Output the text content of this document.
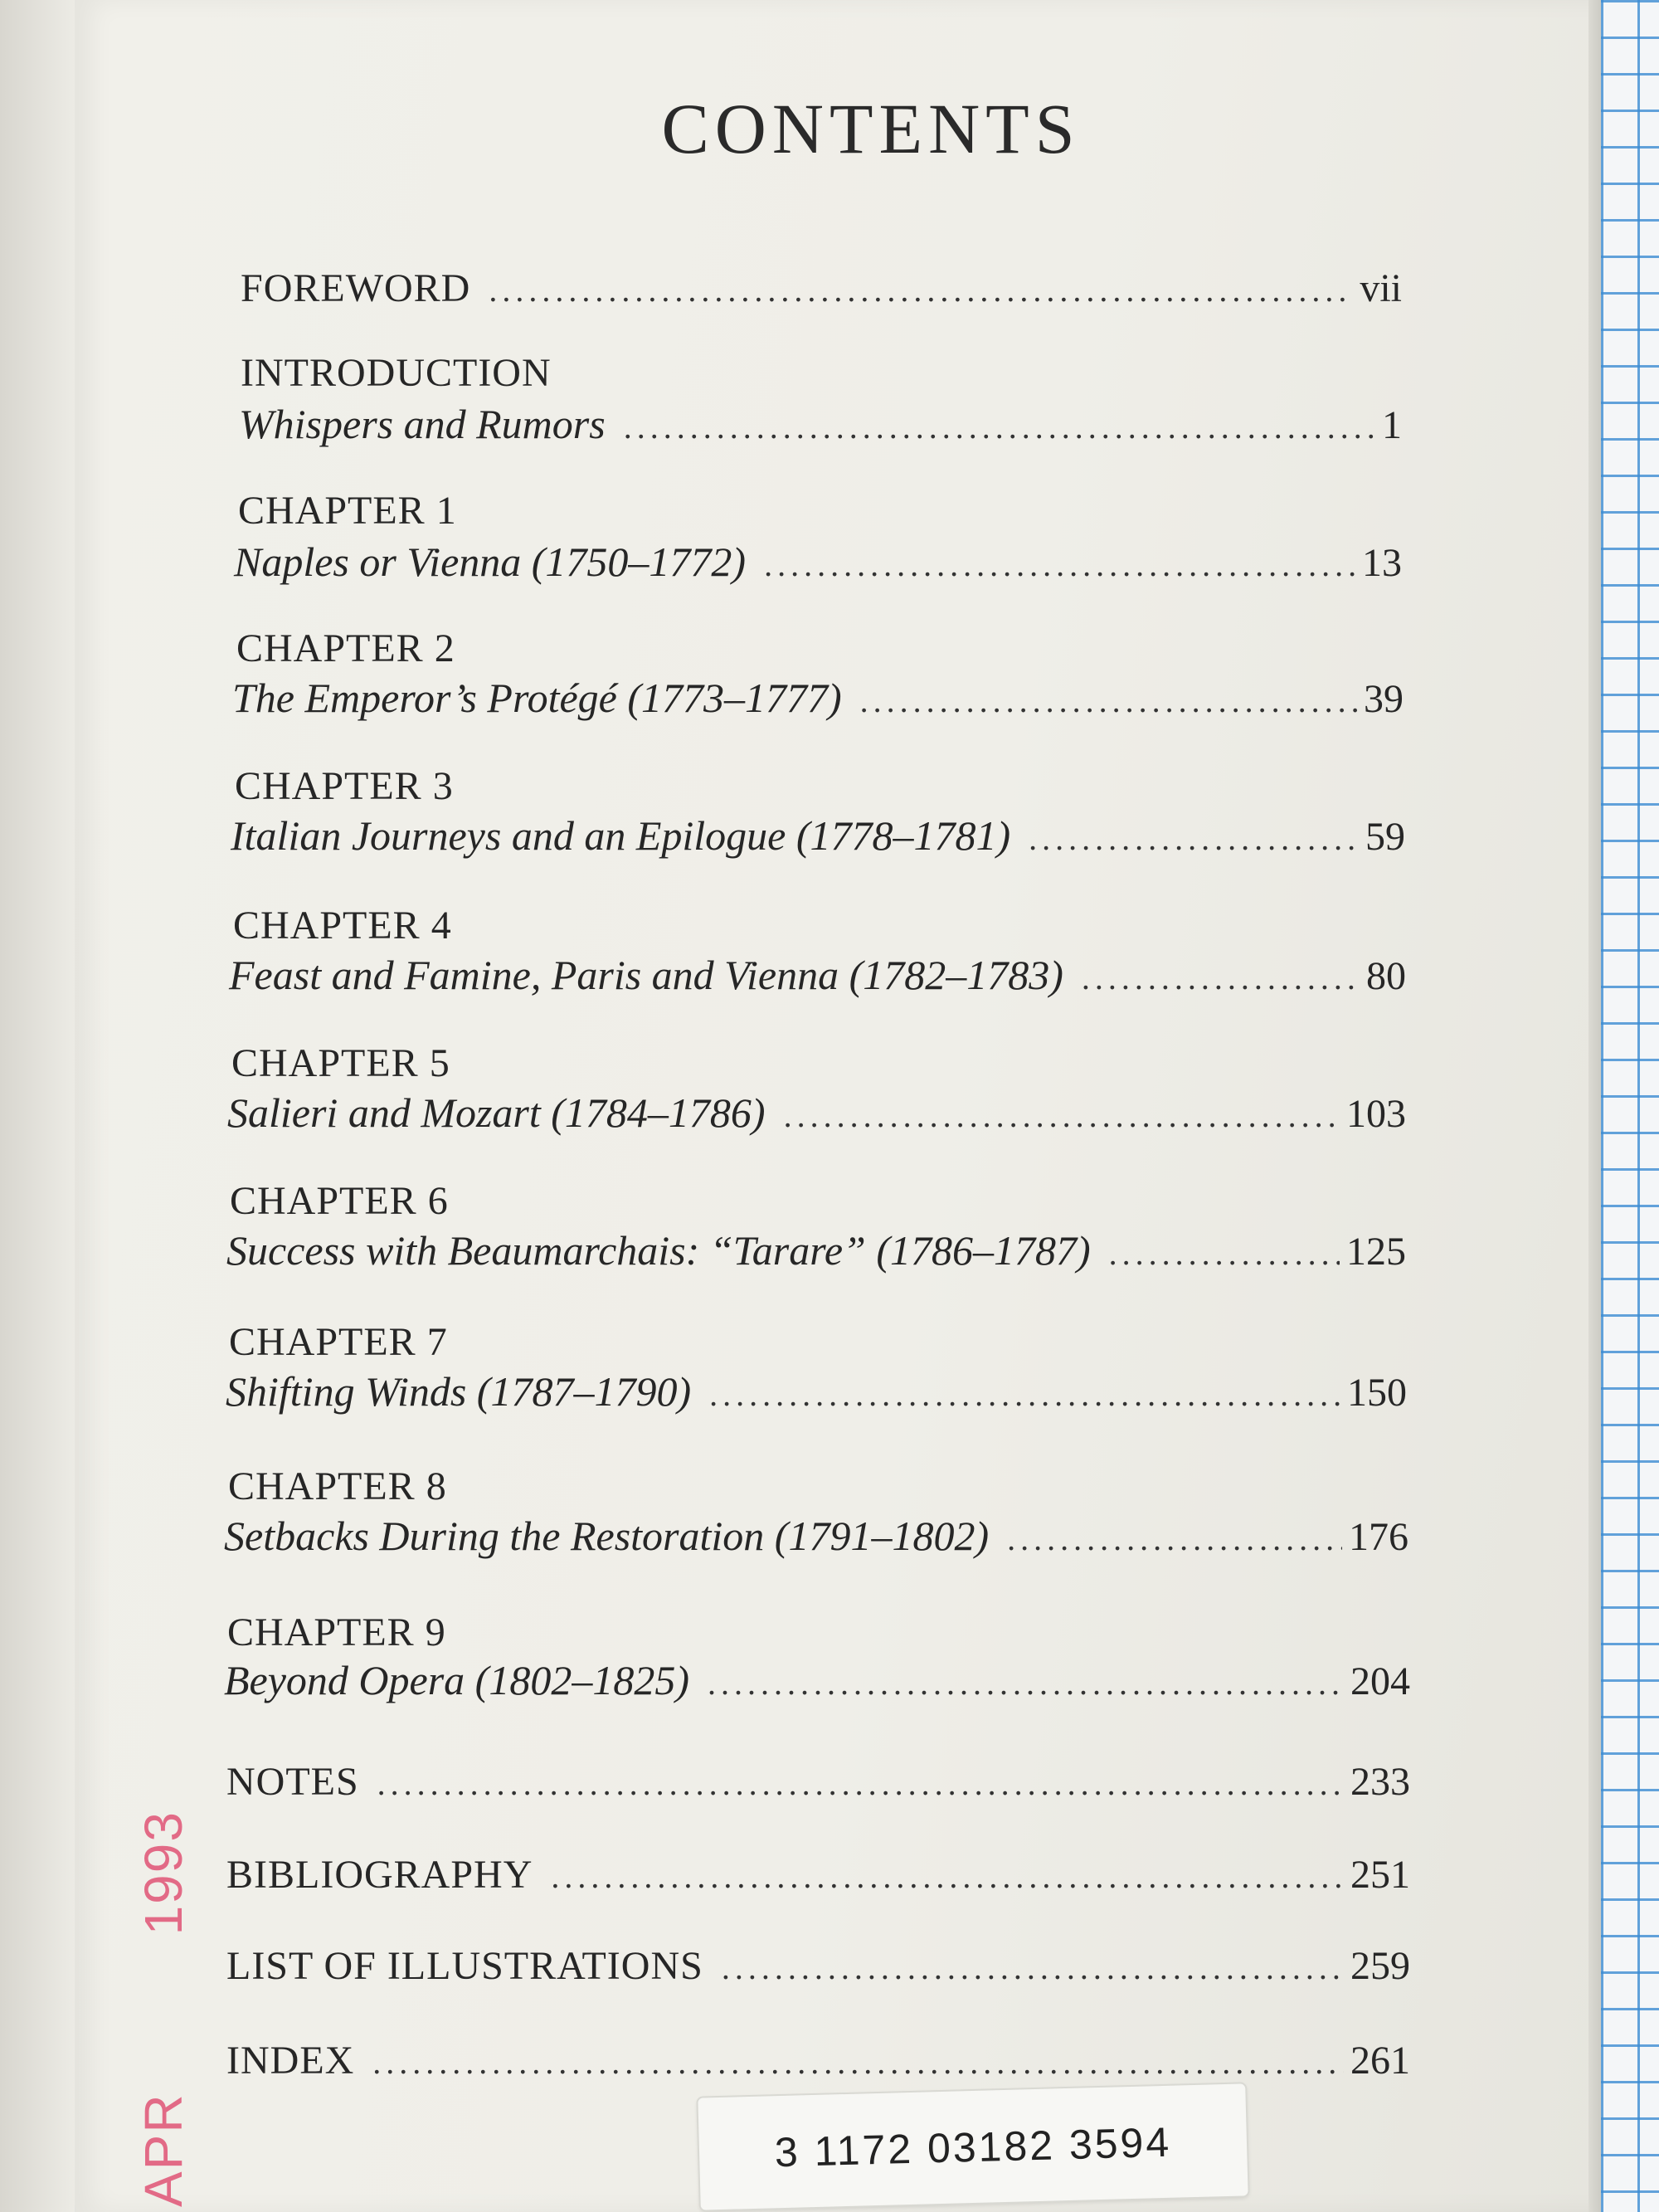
CONTENTS
FOREWORD .....	vii
INTRODUCTION
Whispers and Rumors .....	1
CHAPTER 1
Naples or Vienna (1750–1772) .....	13
CHAPTER 2
The Emperor’s Protégé (1773–1777) .....	39
CHAPTER 3
Italian Journeys and an Epilogue (1778–1781) .....	59
CHAPTER 4
Feast and Famine, Paris and Vienna (1782–1783) .....	80
CHAPTER 5
Salieri and Mozart (1784–1786) .....	103
CHAPTER 6
Success with Beaumarchais: “Tarare” (1786–1787) .....	125
CHAPTER 7
Shifting Winds (1787–1790) .....	150
CHAPTER 8
Setbacks During the Restoration (1791–1802) .....	176
CHAPTER 9
Beyond Opera (1802–1825) .....	204
NOTES .....	233
BIBLIOGRAPHY .....	251
LIST OF ILLUSTRATIONS .....	259
INDEX .....	261
APR1993
3 1172 03182 3594
